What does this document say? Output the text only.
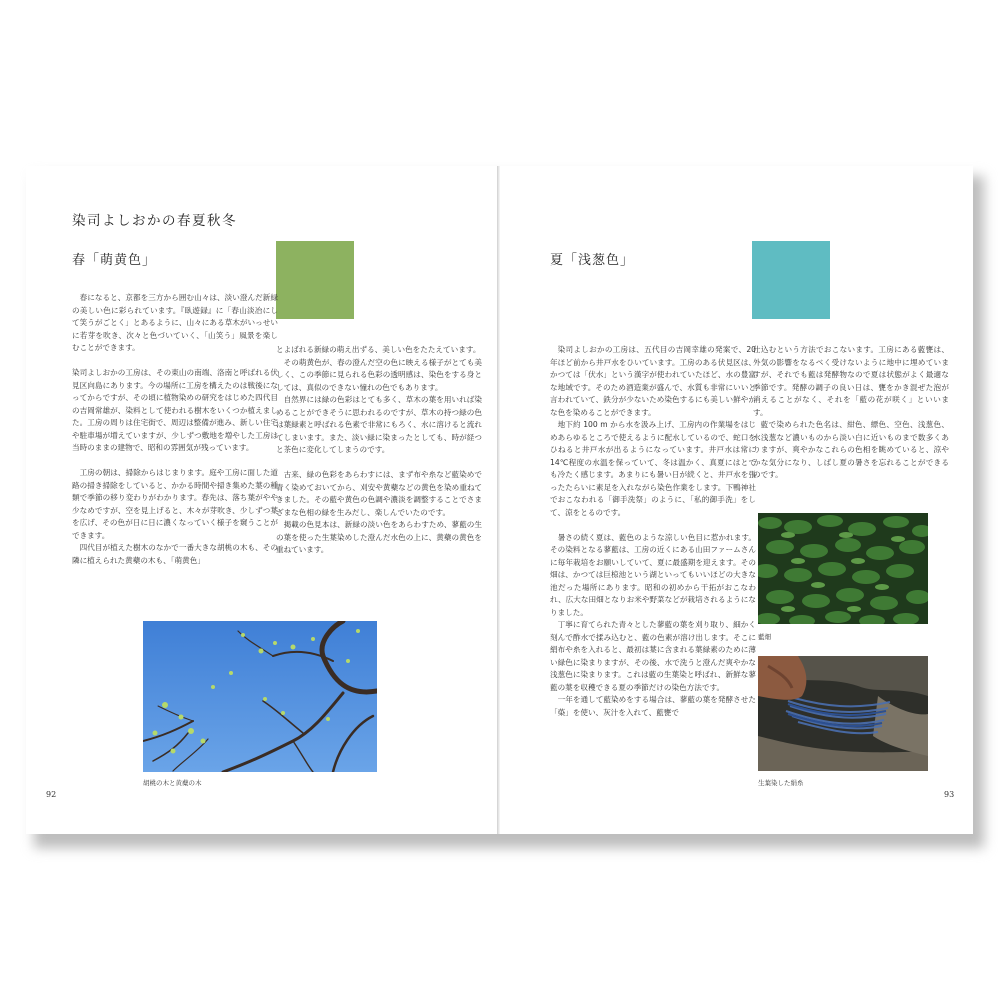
染司よしおかの春夏秋冬
春「萌黄色」

春になると、京都を三方から囲む山々は、淡い澄んだ新緑の美しい色に彩られています。『臥遊録』に「春山淡冶にして笑うがごとく」とあるように、山々にある草木がいっせいに若芽を吹き、次々と色づいていく、「山笑う」風景を楽しむことができます。

染司よしおかの工房は、その東山の南端、洛南と呼ばれる伏見区向島にあります。今の場所に工房を構えたのは戦後になってからですが、その頃に植物染めの研究をはじめた四代目の吉岡常雄が、染料として使われる樹木をいくつか植えました。工房の周りは住宅街で、周辺は整備が進み、新しい住宅や駐車場が増えていますが、少しずつ敷地を増やした工房は当時のままの建物で、昭和の雰囲気が残っています。

工房の朝は、掃除からはじまります。庭や工房に面した道路の掃き掃除をしていると、かかる時間や掃き集めた葉の種類で季節の移り変わりがわかります。春先は、落ち葉がやや少なめですが、空を見上げると、木々が芽吹き、少しずつ葉を広げ、その色が日に日に濃くなっていく様子を窺うことができます。

四代目が植えた樹木のなかで一番大きな胡桃の木も、その隣に植えられた黄蘗の木も、「萌黄色」

とよばれる新緑の萌え出ずる、美しい色をたたえています。

その萌黄色が、春の澄んだ空の色に映える様子がとても美しく、この季節に見られる色彩の透明感は、染色をする身としては、真似のできない憧れの色でもあります。

自然界には緑の色彩はとても多く、草木の葉を用いれば染めることができそうに思われるのですが、草木の持つ緑の色は葉緑素と呼ばれる色素で非常にもろく、水に溶けると流れてしまいます。また、淡い緑に染まったとしても、時が経つと茶色に変化してしまうのです。

古来、緑の色彩をあらわすには、まず布や糸など藍染めで青く染めておいてから、刈安や黄蘗などの黄色を染め重ねてきました。その藍や黄色の色調や濃淡を調整することでさまざまな色相の緑を生みだし、楽しんでいたのです。

掲載の色見本は、新緑の淡い色をあらわすため、蓼藍の生の葉を使った生葉染めした澄んだ水色の上に、黄蘗の黄色を重ねています。

胡桃の木と黄蘗の木
92
夏「浅葱色」

染司よしおかの工房は、五代目の吉岡幸雄の発案で、20年ほど前から井戸水をひいています。工房のある伏見区は、かつては「伏水」という漢字が使われていたほど、水の豊富な地域です。そのため酒造業が盛んで、水質も非常にいいと言われていて、鉄分が少ないため染色するにも美しい鮮やかな色を染めることができます。

地下約 100 m から水を汲み上げ、工房内の作業場をはじめあらゆるところで使えるように配水しているので、蛇口をひねると井戸水が出るようになっています。井戸水は常に 14℃程度の水温を保っていて、冬は温かく、真夏にはとても冷たく感じます。あまりにも暑い日が続くと、井戸水を張ったたらいに素足を入れながら染色作業をします。下鴨神社でおこなわれる「御手洗祭」のように、「私的御手洗」をして、涼をとるのです。

暑さの続く夏は、藍色のような涼しい色目に惹かれます。その染料となる蓼藍は、工房の近くにある山田ファームさんに毎年栽培をお願いしていて、夏に最盛期を迎えます。その畑は、かつては巨椋池という湖といってもいいほどの大きな池だった場所にあります。昭和の初めから干拓がおこなわれ、広大な田畑となりお米や野菜などが栽培されるようになりました。

丁寧に育てられた青々とした蓼藍の葉を刈り取り、細かく刻んで酢水で揉み込むと、藍の色素が溶け出します。そこに絹布や糸を入れると、最初は葉に含まれる葉緑素のために薄い緑色に染まりますが、その後、水で洗うと澄んだ爽やかな浅葱色に染まります。これは藍の生葉染と呼ばれ、新鮮な蓼藍の葉を収穫できる夏の季節だけの染色方法です。

一年を通して藍染めをする場合は、蓼藍の葉を発酵させた「蒅」を使い、灰汁を入れて、藍甕で

仕込むという方法でおこないます。工房にある藍甕は、外気の影響をなるべく受けないように地中に埋めていますが、それでも藍は発酵物なので夏は状態がよく最適な季節です。発酵の調子の良い日は、甕をかき混ぜた泡が消えることがなく、それを「藍の花が咲く」といいます。

藍で染められた色名は、紺色、縹色、空色、浅葱色、水浅葱など濃いものから淡い白に近いものまで数多くありますが、爽やかなこれらの色相を眺めていると、涼やかな気分になり、しばし夏の暑さを忘れることができるのです。

藍畑
生葉染した絹糸
93
